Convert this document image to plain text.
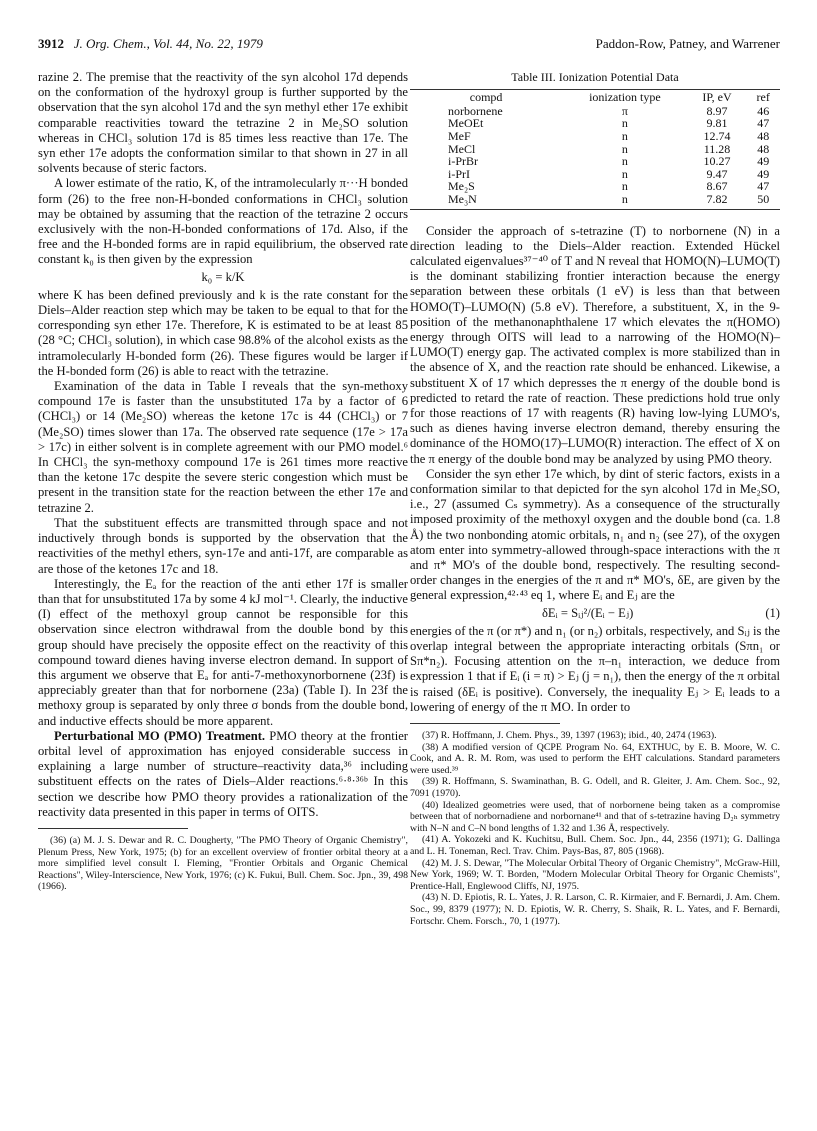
3912 J. Org. Chem., Vol. 44, No. 22, 1979	Paddon-Row, Patney, and Warrener

razine 2. The premise that the reactivity of the syn alcohol 17d depends on the conformation of the hydroxyl group is further supported by the observation that the syn alcohol 17d and the syn methyl ether 17e exhibit comparable reactivities toward the tetrazine 2 in Me₂SO solution whereas in CHCl₃ solution 17d is 85 times less reactive than 17e. The syn ether 17e adopts the conformation similar to that shown in 27 in all solvents because of steric factors.

A lower estimate of the ratio, K, of the intramolecularly π···H bonded form (26) to the free non-H-bonded conformations in CHCl₃ solution may be obtained by assuming that the reaction of the tetrazine 2 occurs exclusively with the non-H-bonded conformations of 17d. Also, if the free and the H-bonded forms are in rapid equilibrium, the observed rate constant k₀ is then given by the expression

k₀ = k/K

where K has been defined previously and k is the rate constant for the Diels–Alder reaction step which may be taken to be equal to that for the corresponding syn ether 17e. Therefore, K is estimated to be at least 85 (28 °C; CHCl₃ solution), in which case 98.8% of the alcohol exists as the intramolecularly H-bonded form (26). These figures would be larger if the H-bonded form (26) is able to react with the tetrazine.

Examination of the data in Table I reveals that the syn-methoxy compound 17e is faster than the unsubstituted 17a by a factor of 6 (CHCl₃) or 14 (Me₂SO) whereas the ketone 17c is 44 (CHCl₃) or 7 (Me₂SO) times slower than 17a. The observed rate sequence (17e > 17a > 17c) in either solvent is in complete agreement with our PMO model.⁶ In CHCl₃ the syn-methoxy compound 17e is 261 times more reactive than the ketone 17c despite the severe steric congestion which must be present in the transition state for the reaction between the ether 17e and tetrazine 2.

That the substituent effects are transmitted through space and not inductively through bonds is supported by the observation that the reactivities of the methyl ethers, syn-17e and anti-17f, are comparable as are those of the ketones 17c and 18.

Interestingly, the Eₐ for the reaction of the anti ether 17f is smaller than that for unsubstituted 17a by some 4 kJ mol⁻¹. Clearly, the inductive (I) effect of the methoxyl group cannot be responsible for this observation since electron withdrawal from the double bond by this group should have precisely the opposite effect on the reactivity of this compound toward dienes having inverse electron demand. In support of this argument we observe that Eₐ for anti-7-methoxynorbornene (23f) is appreciably greater than that for norbornene (23a) (Table I). In 23f the methoxy group is separated by only three σ bonds from the double bond, and inductive effects should be more apparent.

Perturbational MO (PMO) Treatment. PMO theory at the frontier orbital level of approximation has enjoyed considerable success in explaining a large number of structure–reactivity data,³⁶ including substituent effects on the rates of Diels–Alder reactions.⁶·⁸·³⁶ᵇ In this section we describe how PMO theory provides a rationalization of the reactivity data presented in this paper in terms of OITS.

(36) (a) M. J. S. Dewar and R. C. Dougherty, "The PMO Theory of Organic Chemistry", Plenum Press, New York, 1975; (b) for an excellent overview of frontier orbital theory at a more simplified level consult I. Fleming, "Frontier Orbitals and Organic Chemical Reactions", Wiley-Interscience, New York, 1976; (c) K. Fukui, Bull. Chem. Soc. Jpn., 39, 498 (1966).

Table III. Ionization Potential Data
compd	ionization type	IP, eV	ref

norbornene	π	8.97	46
MeOEt	n	9.81	47
MeF	n	12.74	48
MeCl	n	11.28	48
i-PrBr	n	10.27	49
i-PrI	n	9.47	49
Me₂S	n	8.67	47
Me₃N	n	7.82	50

Consider the approach of s-tetrazine (T) to norbornene (N) in a direction leading to the Diels–Alder reaction. Extended Hückel calculated eigenvalues³⁷⁻⁴⁰ of T and N reveal that HOMO(N)–LUMO(T) is the dominant stabilizing frontier interaction because the energy separation between these orbitals (1 eV) is less than that between HOMO(T)–LUMO(N) (5.8 eV). Therefore, a substituent, X, in the 9-position of the methanonaphthalene 17 which elevates the π(HOMO) energy through OITS will lead to a narrowing of the HOMO(N)–LUMO(T) energy gap. The activated complex is more stabilized than in the absence of X, and the reaction rate should be enhanced. Likewise, a substituent X of 17 which depresses the π energy of the double bond is predicted to retard the rate of reaction. These predictions hold true only for those reactions of 17 with reagents (R) having low-lying LUMO's, such as dienes having inverse electron demand, thereby ensuring the dominance of the HOMO(17)–LUMO(R) interaction. The effect of X on the π energy of the double bond may be analyzed by using PMO theory.

Consider the syn ether 17e which, by dint of steric factors, exists in a conformation similar to that depicted for the syn alcohol 17d in Me₂SO, i.e., 27 (assumed Cₛ symmetry). As a consequence of the structurally imposed proximity of the methoxyl oxygen and the double bond (ca. 1.8 Å) the two nonbonding atomic orbitals, n₁ and n₂ (see 27), of the oxygen atom enter into symmetry-allowed through-space interactions with the π and π* MO's of the double bond, respectively. The resulting second-order changes in the energies of the π and π* MO's, δE, are given by the general expression,⁴²·⁴³ eq 1, where Eᵢ and Eⱼ are the

δEᵢ = Sᵢⱼ²/(Eᵢ − Eⱼ)	(1)

energies of the π (or π*) and n₁ (or n₂) orbitals, respectively, and Sᵢⱼ is the overlap integral between the appropriate interacting orbitals (Sπn₁ or Sπ*n₂). Focusing attention on the π–n₁ interaction, we deduce from expression 1 that if Eᵢ (i = π) > Eⱼ (j = n₁), then the energy of the π orbital is raised (δEᵢ is positive). Conversely, the inequality Eⱼ > Eᵢ leads to a lowering of energy of the π MO. In order to

(37) R. Hoffmann, J. Chem. Phys., 39, 1397 (1963); ibid., 40, 2474 (1963).

(38) A modified version of QCPE Program No. 64, EXTHUC, by E. B. Moore, W. C. Cook, and A. R. M. Rom, was used to perform the EHT calculations. Standard parameters were used.³⁹

(39) R. Hoffmann, S. Swaminathan, B. G. Odell, and R. Gleiter, J. Am. Chem. Soc., 92, 7091 (1970).

(40) Idealized geometries were used, that of norbornene being taken as a compromise between that of norbornadiene and norbornane⁴¹ and that of s-tetrazine having D₂ₕ symmetry with N–N and C–N bond lengths of 1.32 and 1.36 Å, respectively.

(41) A. Yokozeki and K. Kuchitsu, Bull. Chem. Soc. Jpn., 44, 2356 (1971); G. Dallinga and L. H. Toneman, Recl. Trav. Chim. Pays-Bas, 87, 805 (1968).

(42) M. J. S. Dewar, "The Molecular Orbital Theory of Organic Chemistry", McGraw-Hill, New York, 1969; W. T. Borden, "Modern Molecular Orbital Theory for Organic Chemists", Prentice-Hall, Englewood Cliffs, NJ, 1975.

(43) N. D. Epiotis, R. L. Yates, J. R. Larson, C. R. Kirmaier, and F. Bernardi, J. Am. Chem. Soc., 99, 8379 (1977); N. D. Epiotis, W. R. Cherry, S. Shaik, R. L. Yates, and F. Bernardi, Fortschr. Chem. Forsch., 70, 1 (1977).
